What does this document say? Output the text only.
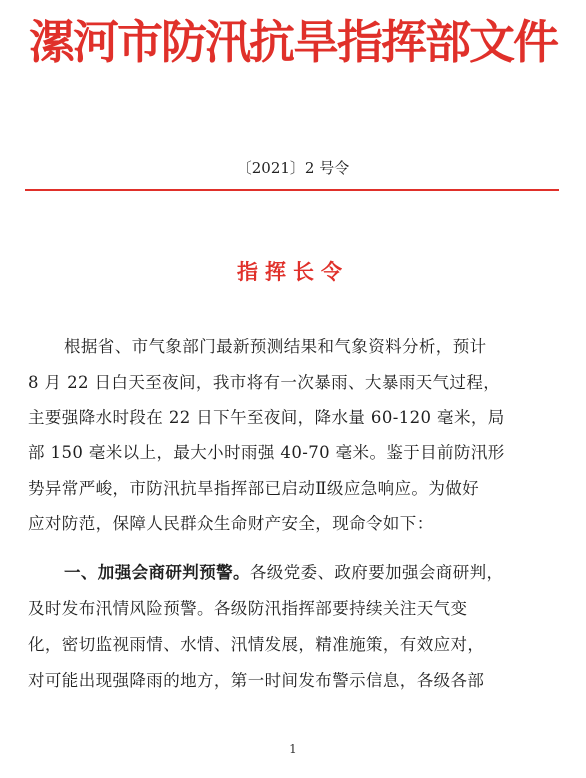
漯河市防汛抗旱指挥部文件
〔2021〕2 号令
指挥长令
根据省、市气象部门最新预测结果和气象资料分析，预计
8 月 22 日白天至夜间，我市将有一次暴雨、大暴雨天气过程，
主要强降水时段在 22 日下午至夜间，降水量 60-120 毫米，局
部 150 毫米以上，最大小时雨强 40-70 毫米。鉴于目前防汛形
势异常严峻，市防汛抗旱指挥部已启动Ⅱ级应急响应。为做好
应对防范，保障人民群众生命财产安全，现命令如下：
一、加强会商研判预警。各级党委、政府要加强会商研判，
及时发布汛情风险预警。各级防汛指挥部要持续关注天气变
化，密切监视雨情、水情、汛情发展，精准施策，有效应对，
对可能出现强降雨的地方，第一时间发布警示信息，各级各部
1
